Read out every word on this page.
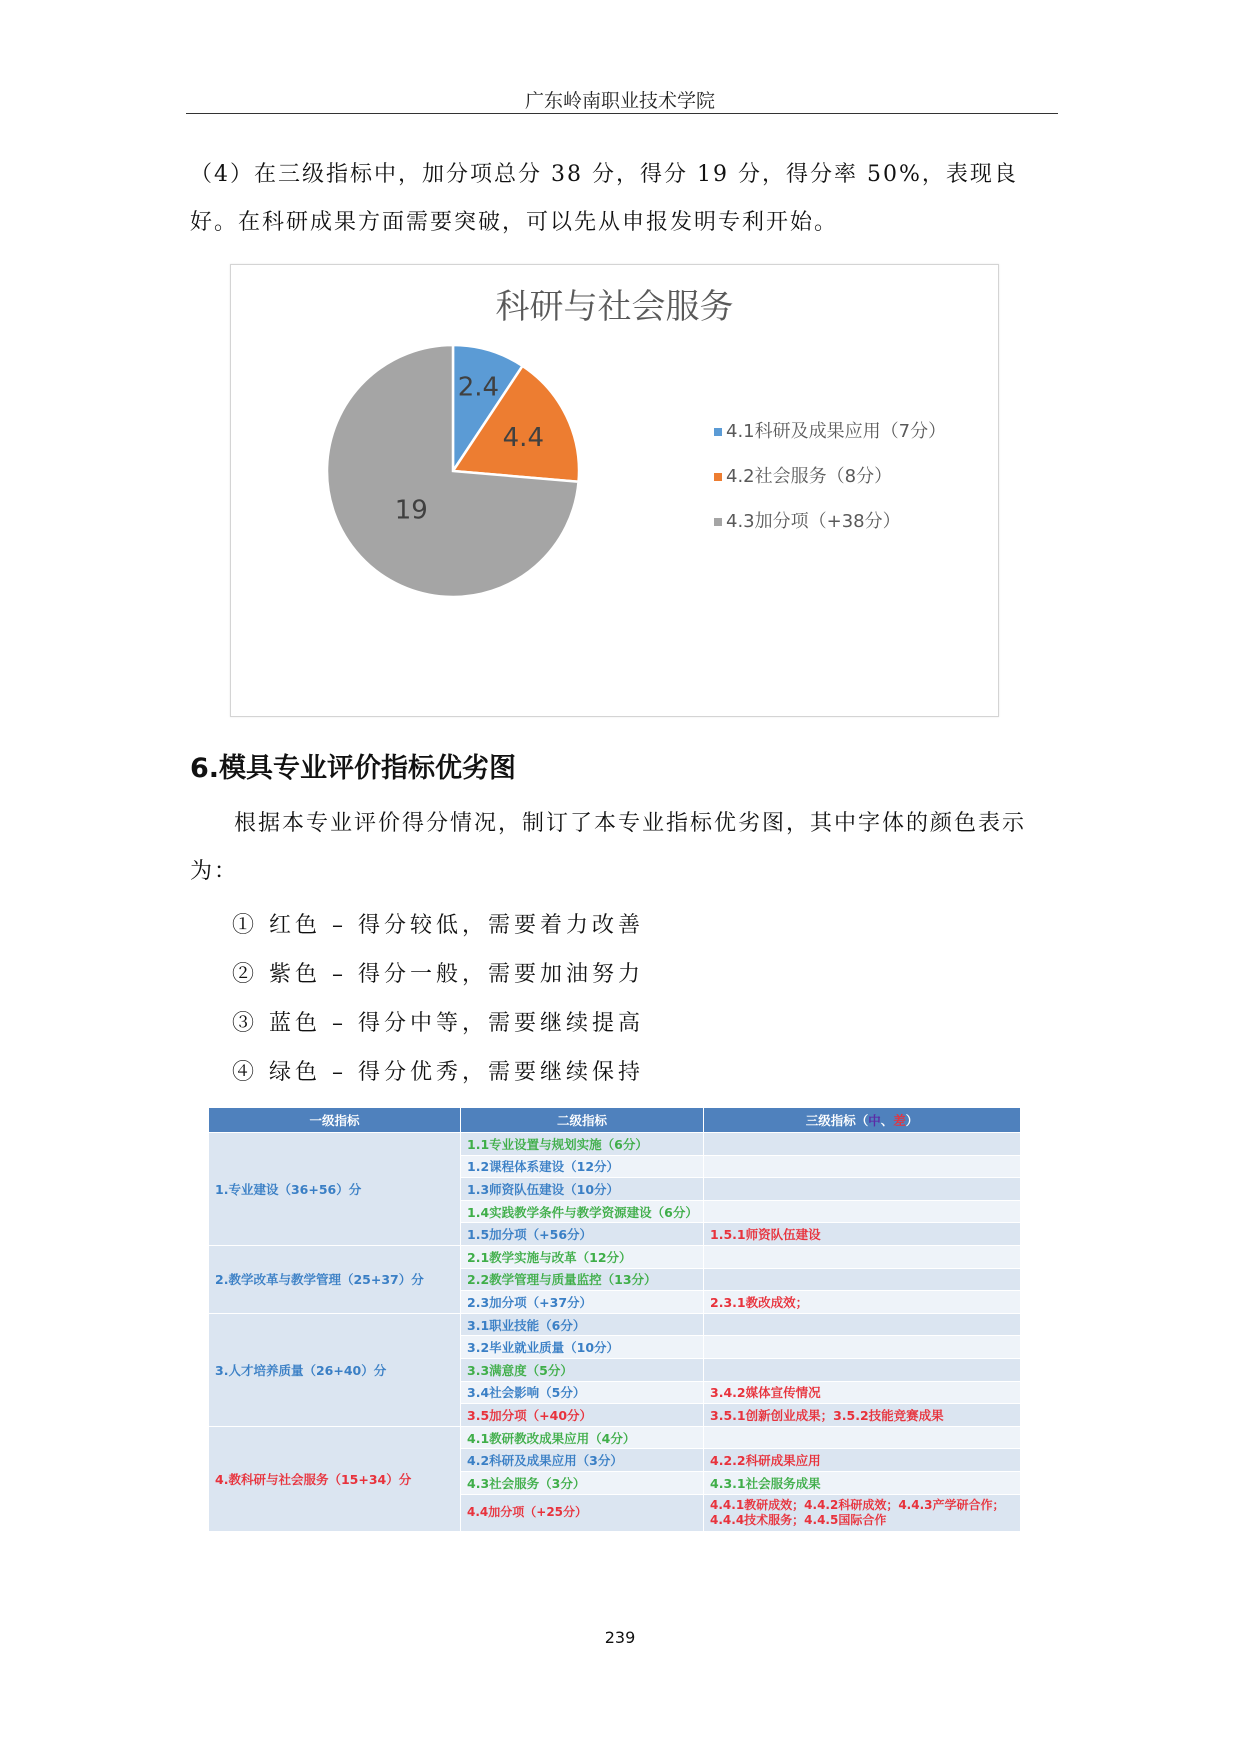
广东岭南职业技术学院
（4）在三级指标中，加分项总分 38 分，得分 19 分，得分率 50%，表现良好。在科研成果方面需要突破，可以先从申报发明专利开始。
科研与社会服务
2.4
4.4
19
4.1科研及成果应用（7分）
4.2社会服务（8分）
4.3加分项（+38分）
6.模具专业评价指标优劣图
根据本专业评价得分情况，制订了本专业指标优劣图，其中字体的颜色表示为：
① 红色 – 得分较低，需要着力改善
② 紫色 – 得分一般，需要加油努力
③ 蓝色 – 得分中等，需要继续提高
④ 绿色 – 得分优秀，需要继续保持
一级指标	二级指标	三级指标（中、差）
1.专业建设（36+56）分	1.1专业设置与规划实施（6分）	
	1.2课程体系建设（12分）	
	1.3师资队伍建设（10分）	
	1.4实践教学条件与教学资源建设（6分）	
	1.5加分项（+56分）	1.5.1师资队伍建设
2.教学改革与教学管理（25+37）分	2.1教学实施与改革（12分）	
	2.2教学管理与质量监控（13分）	
	2.3加分项（+37分）	2.3.1教改成效；
3.人才培养质量（26+40）分	3.1职业技能（6分）	
	3.2毕业就业质量（10分）	
	3.3满意度（5分）	
	3.4社会影响（5分）	3.4.2媒体宣传情况
	3.5加分项（+40分）	3.5.1创新创业成果；3.5.2技能竞赛成果
4.教科研与社会服务（15+34）分	4.1教研教改成果应用（4分）	
	4.2科研及成果应用（3分）	4.2.2科研成果应用
	4.3社会服务（3分）	4.3.1社会服务成果
	4.4加分项（+25分）	4.4.1教研成效；4.4.2科研成效；4.4.3产学研合作；4.4.4技术服务；4.4.5国际合作
239
